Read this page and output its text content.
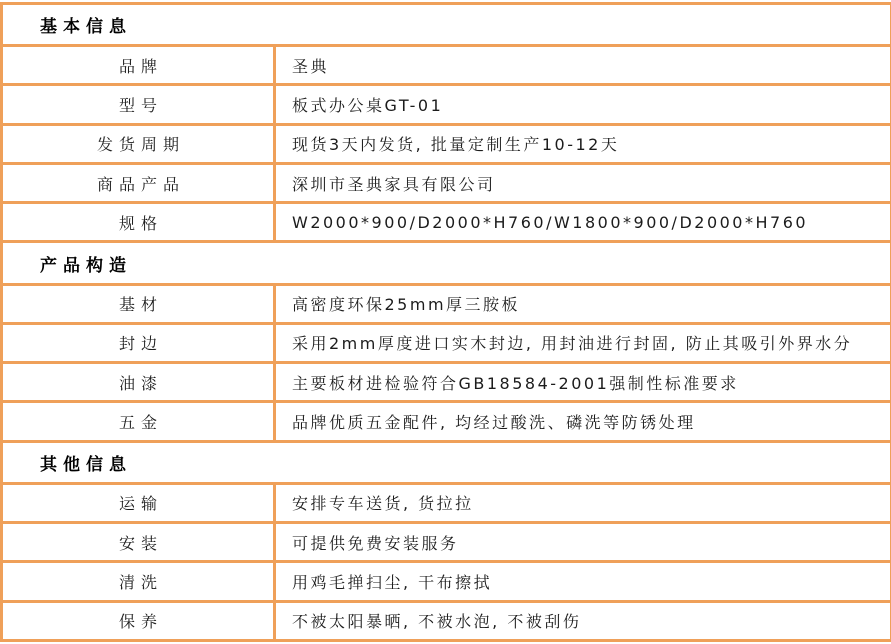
基本信息	
品牌	圣典
型号	板式办公桌GT-01
发货周期	现货3天内发货, 批量定制生产10-12天
商品产品	深圳市圣典家具有限公司
规格	W2000*900/D2000*H760/W1800*900/D2000*H760
产品构造	
基材	高密度环保25mm厚三胺板
封边	采用2mm厚度进口实木封边, 用封油进行封固, 防止其吸引外界水分
油漆	主要板材进检验符合GB18584-2001强制性标准要求
五金	品牌优质五金配件, 均经过酸洗、磷洗等防锈处理
其他信息	
运输	安排专车送货, 货拉拉
安装	可提供免费安装服务
清洗	用鸡毛掸扫尘, 干布擦拭
保养	不被太阳暴晒, 不被水泡, 不被刮伤
